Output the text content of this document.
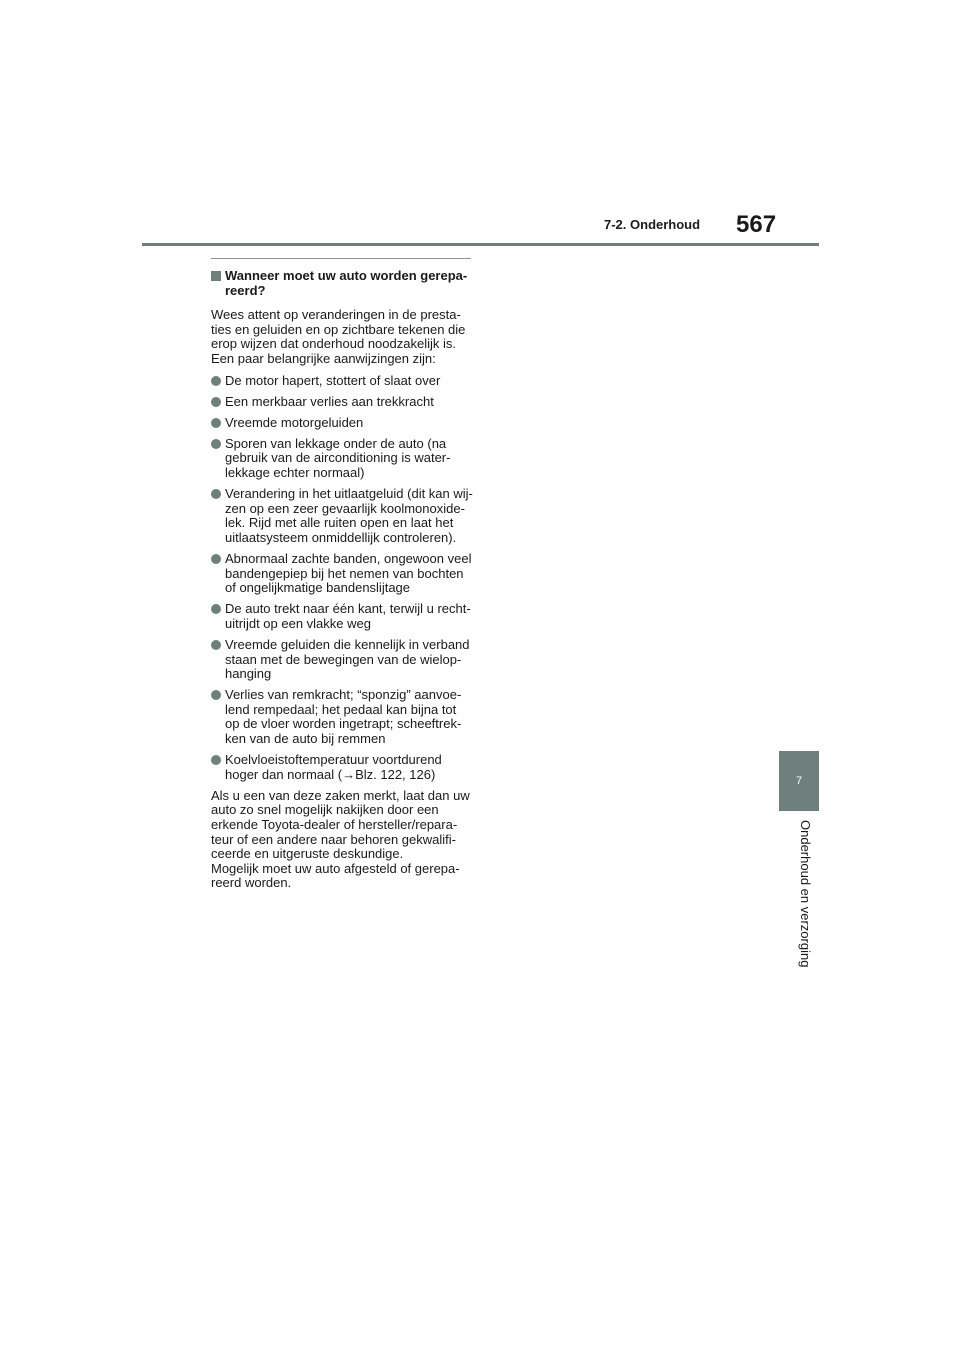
7-2. Onderhoud 567
7
Onderhoud en verzorging
Wanneer moet uw auto worden gerepa-
reerd?
Wees attent op veranderingen in de presta-
ties en geluiden en op zichtbare tekenen die
erop wijzen dat onderhoud noodzakelijk is.
Een paar belangrijke aanwijzingen zijn:
De motor hapert, stottert of slaat over
Een merkbaar verlies aan trekkracht
Vreemde motorgeluiden
Sporen van lekkage onder de auto (na
gebruik van de airconditioning is water-
lekkage echter normaal)
Verandering in het uitlaatgeluid (dit kan wij-
zen op een zeer gevaarlijk koolmonoxide-
lek. Rijd met alle ruiten open en laat het
uitlaatsysteem onmiddellijk controleren).
Abnormaal zachte banden, ongewoon veel
bandengepiep bij het nemen van bochten
of ongelijkmatige bandenslijtage
De auto trekt naar één kant, terwijl u recht-
uitrijdt op een vlakke weg
Vreemde geluiden die kennelijk in verband
staan met de bewegingen van de wielop-
hanging
Verlies van remkracht; “sponzig” aanvoe-
lend rempedaal; het pedaal kan bijna tot
op de vloer worden ingetrapt; scheeftrek-
ken van de auto bij remmen
Koelvloeistoftemperatuur voortdurend
hoger dan normaal (→Blz. 122, 126)
Als u een van deze zaken merkt, laat dan uw
auto zo snel mogelijk nakijken door een
erkende Toyota-dealer of hersteller/repara-
teur of een andere naar behoren gekwalifi-
ceerde en uitgeruste deskundige.
Mogelijk moet uw auto afgesteld of gerepa-
reerd worden.
